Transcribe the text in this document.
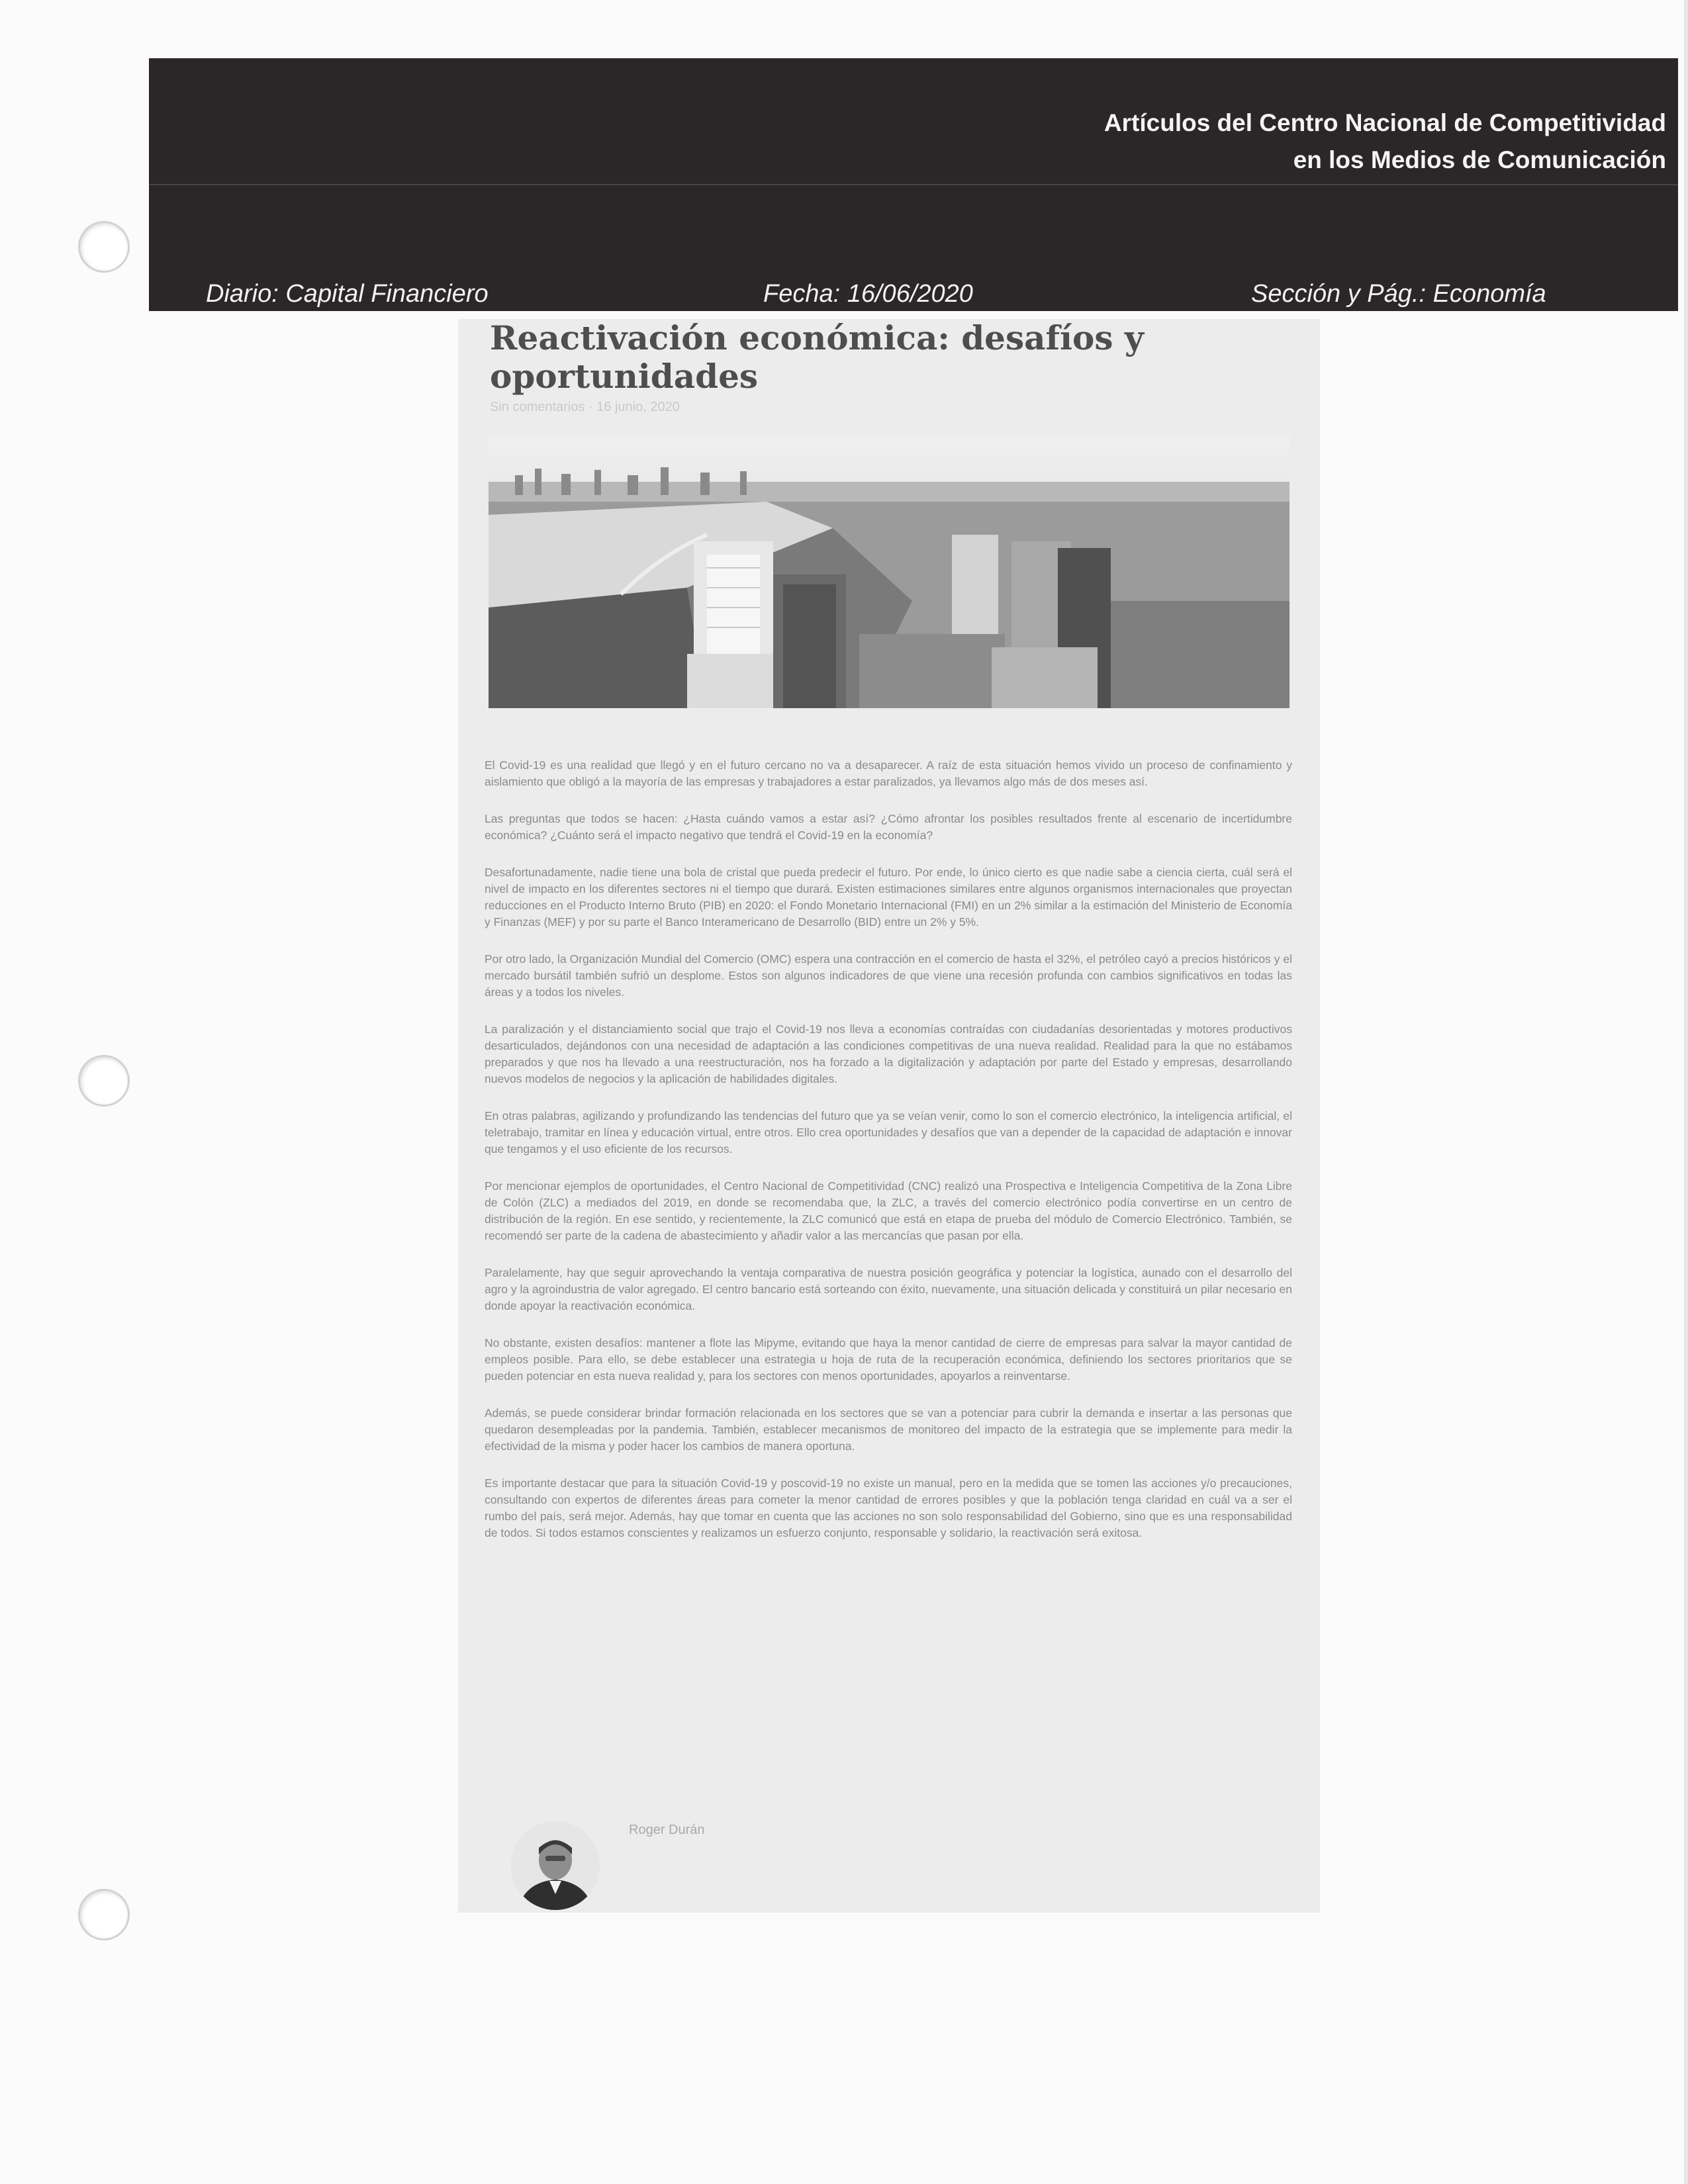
Artículos del Centro Nacional de Competitividad
en los Medios de Comunicación
Diario: Capital Financiero	Fecha: 16/06/2020	Sección y Pág.: Economía
Reactivación económica: desafíos y
oportunidades
Sin comentarios · 16 junio, 2020

El Covid-19 es una realidad que llegó y en el futuro cercano no va a desaparecer. A raíz de esta situación hemos vivido un proceso de confinamiento y aislamiento que obligó a la mayoría de las empresas y trabajadores a estar paralizados, ya llevamos algo más de dos meses así.

Las preguntas que todos se hacen: ¿Hasta cuándo vamos a estar así? ¿Cómo afrontar los posibles resultados frente al escenario de incertidumbre económica? ¿Cuánto será el impacto negativo que tendrá el Covid-19 en la economía?

Desafortunadamente, nadie tiene una bola de cristal que pueda predecir el futuro. Por ende, lo único cierto es que nadie sabe a ciencia cierta, cuál será el nivel de impacto en los diferentes sectores ni el tiempo que durará. Existen estimaciones similares entre algunos organismos internacionales que proyectan reducciones en el Producto Interno Bruto (PIB) en 2020: el Fondo Monetario Internacional (FMI) en un 2% similar a la estimación del Ministerio de Economía y Finanzas (MEF) y por su parte el Banco Interamericano de Desarrollo (BID) entre un 2% y 5%.

Por otro lado, la Organización Mundial del Comercio (OMC) espera una contracción en el comercio de hasta el 32%, el petróleo cayó a precios históricos y el mercado bursátil también sufrió un desplome. Estos son algunos indicadores de que viene una recesión profunda con cambios significativos en todas las áreas y a todos los niveles.

La paralización y el distanciamiento social que trajo el Covid-19 nos lleva a economías contraídas con ciudadanías desorientadas y motores productivos desarticulados, dejándonos con una necesidad de adaptación a las condiciones competitivas de una nueva realidad. Realidad para la que no estábamos preparados y que nos ha llevado a una reestructuración, nos ha forzado a la digitalización y adaptación por parte del Estado y empresas, desarrollando nuevos modelos de negocios y la aplicación de habilidades digitales.

En otras palabras, agilizando y profundizando las tendencias del futuro que ya se veían venir, como lo son el comercio electrónico, la inteligencia artificial, el teletrabajo, tramitar en línea y educación virtual, entre otros. Ello crea oportunidades y desafíos que van a depender de la capacidad de adaptación e innovar que tengamos y el uso eficiente de los recursos.

Por mencionar ejemplos de oportunidades, el Centro Nacional de Competitividad (CNC) realizó una Prospectiva e Inteligencia Competitiva de la Zona Libre de Colón (ZLC) a mediados del 2019, en donde se recomendaba que, la ZLC, a través del comercio electrónico podía convertirse en un centro de distribución de la región. En ese sentido, y recientemente, la ZLC comunicó que está en etapa de prueba del módulo de Comercio Electrónico. También, se recomendó ser parte de la cadena de abastecimiento y añadir valor a las mercancías que pasan por ella.

Paralelamente, hay que seguir aprovechando la ventaja comparativa de nuestra posición geográfica y potenciar la logística, aunado con el desarrollo del agro y la agroindustria de valor agregado. El centro bancario está sorteando con éxito, nuevamente, una situación delicada y constituirá un pilar necesario en donde apoyar la reactivación económica.

No obstante, existen desafíos: mantener a flote las Mipyme, evitando que haya la menor cantidad de cierre de empresas para salvar la mayor cantidad de empleos posible. Para ello, se debe establecer una estrategia u hoja de ruta de la recuperación económica, definiendo los sectores prioritarios que se pueden potenciar en esta nueva realidad y, para los sectores con menos oportunidades, apoyarlos a reinventarse.

Además, se puede considerar brindar formación relacionada en los sectores que se van a potenciar para cubrir la demanda e insertar a las personas que quedaron desempleadas por la pandemia. También, establecer mecanismos de monitoreo del impacto de la estrategia que se implemente para medir la efectividad de la misma y poder hacer los cambios de manera oportuna.

Es importante destacar que para la situación Covid-19 y poscovid-19 no existe un manual, pero en la medida que se tomen las acciones y/o precauciones, consultando con expertos de diferentes áreas para cometer la menor cantidad de errores posibles y que la población tenga claridad en cuál va a ser el rumbo del país, será mejor. Además, hay que tomar en cuenta que las acciones no son solo responsabilidad del Gobierno, sino que es una responsabilidad de todos. Si todos estamos conscientes y realizamos un esfuerzo conjunto, responsable y solidario, la reactivación será exitosa.

Roger Durán
